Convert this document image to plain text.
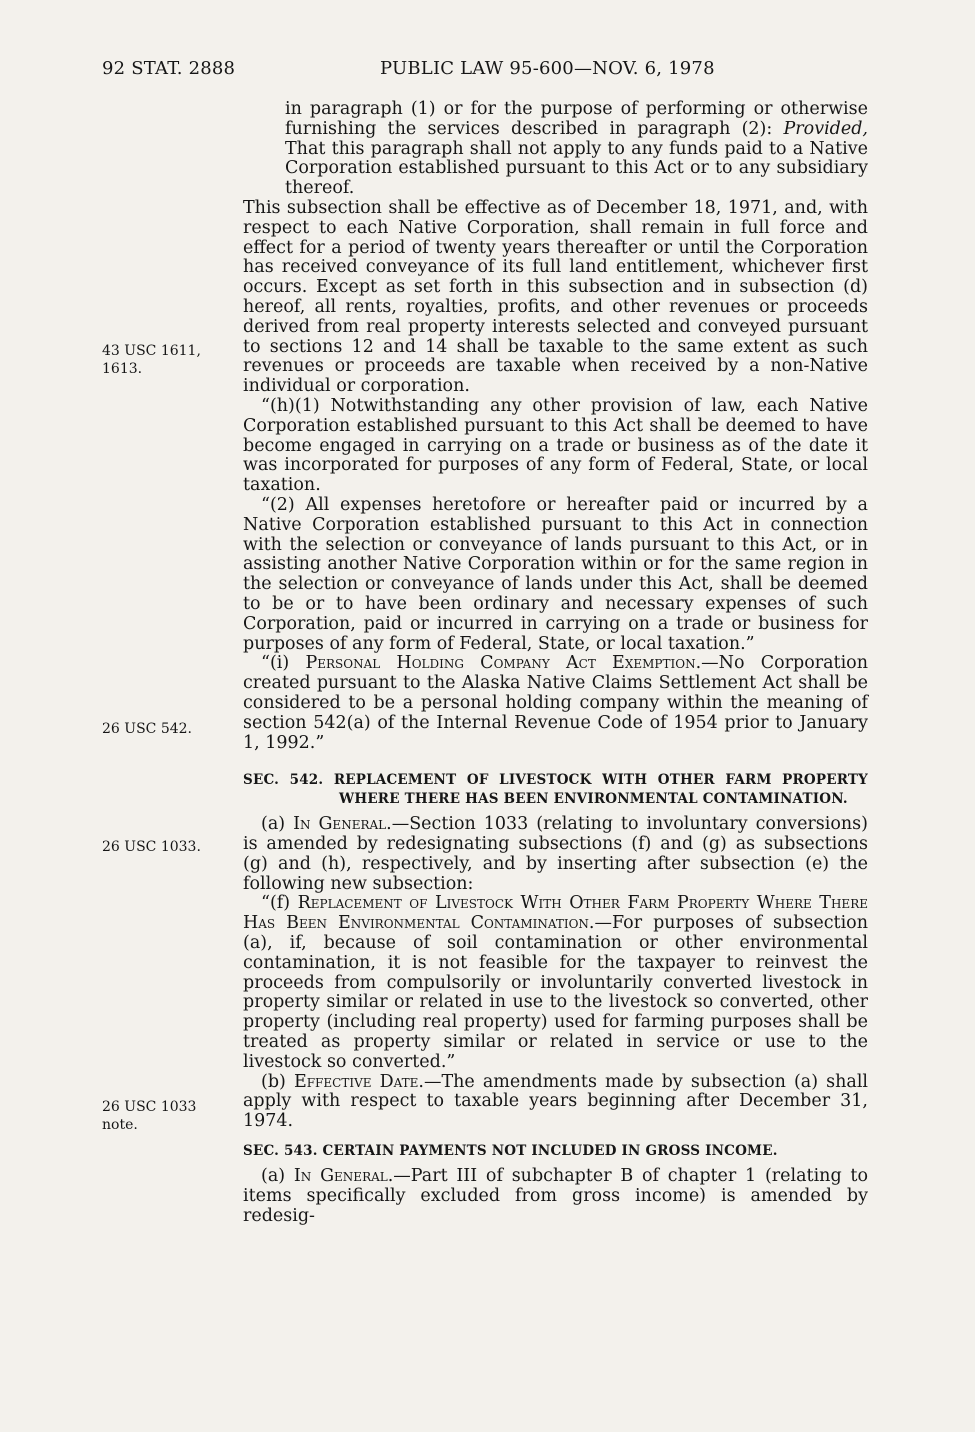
92 STAT. 2888	PUBLIC LAW 95-600—NOV. 6, 1978
43 USC 1611, 1613.
26 USC 542.
26 USC 1033.
26 USC 1033 note.

in paragraph (1) or for the purpose of performing or otherwise furnishing the services described in paragraph (2): Provided, That this paragraph shall not apply to any funds paid to a Native Corporation established pursuant to this Act or to any subsidiary thereof.

This subsection shall be effective as of December 18, 1971, and, with respect to each Native Corporation, shall remain in full force and effect for a period of twenty years thereafter or until the Corporation has received conveyance of its full land entitlement, whichever first occurs. Except as set forth in this subsection and in subsection (d) hereof, all rents, royalties, profits, and other revenues or proceeds derived from real property interests selected and conveyed pursuant to sections 12 and 14 shall be taxable to the same extent as such revenues or proceeds are taxable when received by a non-Native individual or corporation.

“(h)(1) Notwithstanding any other provision of law, each Native Corporation established pursuant to this Act shall be deemed to have become engaged in carrying on a trade or business as of the date it was incorporated for purposes of any form of Federal, State, or local taxation.

“(2) All expenses heretofore or hereafter paid or incurred by a Native Corporation established pursuant to this Act in connection with the selection or conveyance of lands pursuant to this Act, or in assisting another Native Corporation within or for the same region in the selection or conveyance of lands under this Act, shall be deemed to be or to have been ordinary and necessary expenses of such Corporation, paid or incurred in carrying on a trade or business for purposes of any form of Federal, State, or local taxation.”

“(i) Personal Holding Company Act Exemption.—No Corporation created pursuant to the Alaska Native Claims Settlement Act shall be considered to be a personal holding company within the meaning of section 542(a) of the Internal Revenue Code of 1954 prior to January 1, 1992.”

SEC. 542. REPLACEMENT OF LIVESTOCK WITH OTHER FARM PROPERTY WHERE THERE HAS BEEN ENVIRONMENTAL CONTAMINATION.

(a) In General.—Section 1033 (relating to involuntary conversions) is amended by redesignating subsections (f) and (g) as subsections (g) and (h), respectively, and by inserting after subsection (e) the following new subsection:

“(f) Replacement of Livestock With Other Farm Property Where There Has Been Environmental Contamination.—For purposes of subsection (a), if, because of soil contamination or other environmental contamination, it is not feasible for the taxpayer to reinvest the proceeds from compulsorily or involuntarily converted livestock in property similar or related in use to the livestock so converted, other property (including real property) used for farming purposes shall be treated as property similar or related in service or use to the livestock so converted.”

(b) Effective Date.—The amendments made by subsection (a) shall apply with respect to taxable years beginning after December 31, 1974.

SEC. 543. CERTAIN PAYMENTS NOT INCLUDED IN GROSS INCOME.

(a) In General.—Part III of subchapter B of chapter 1 (relating to items specifically excluded from gross income) is amended by redesig-
